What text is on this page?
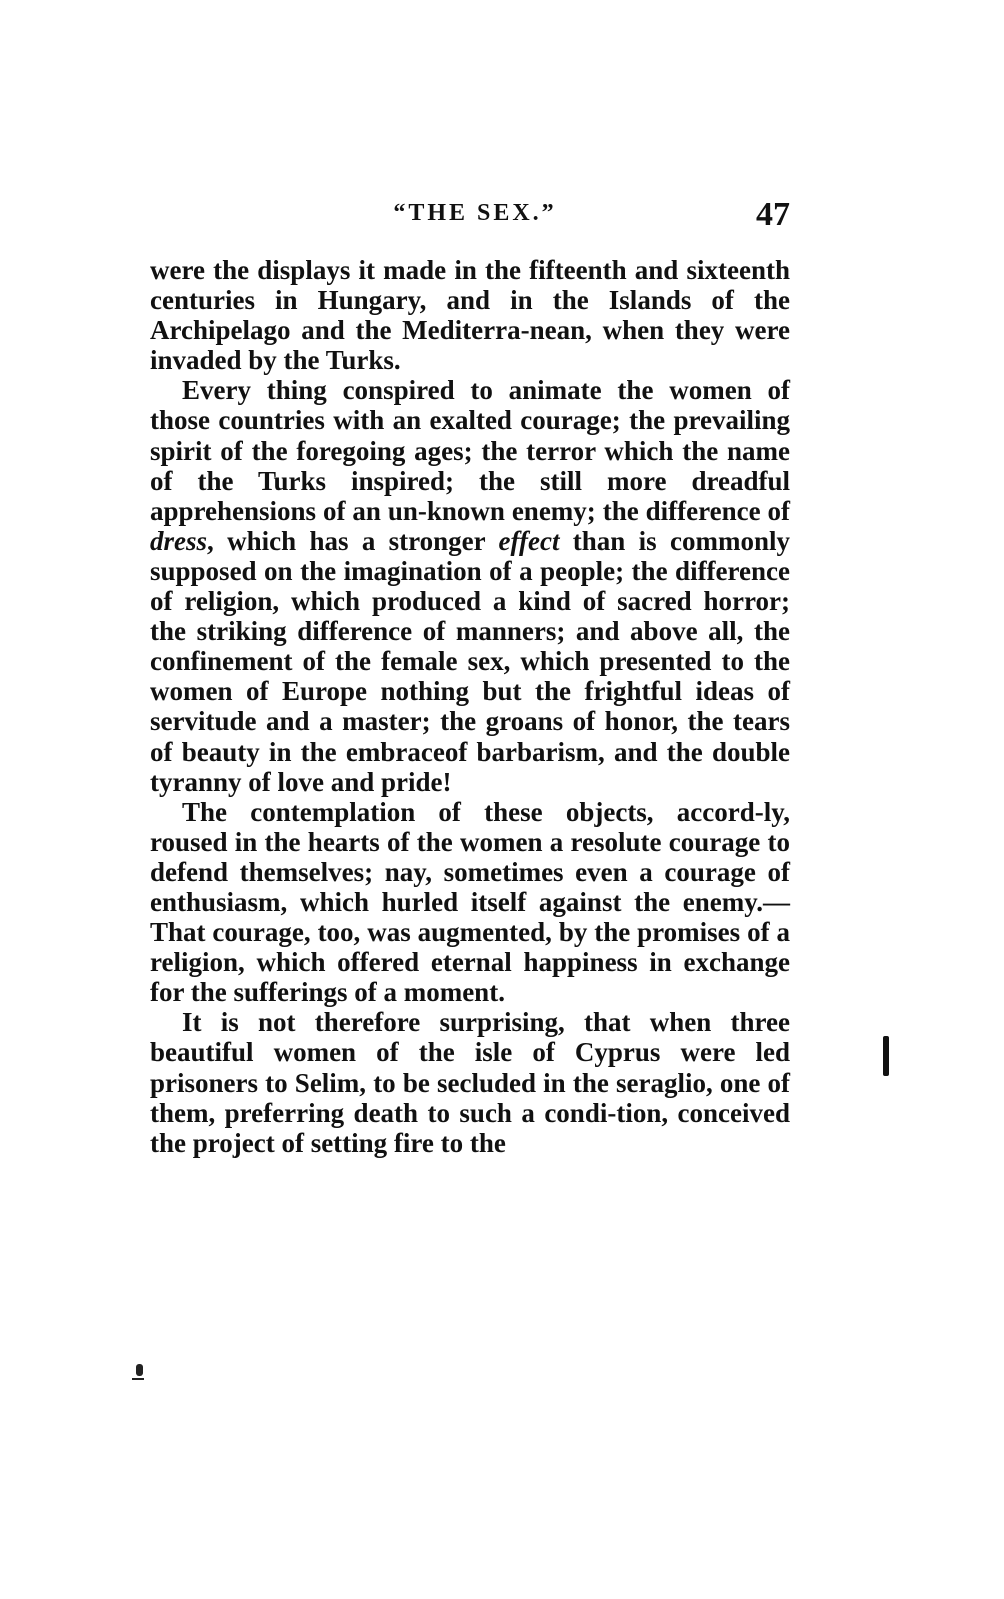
“THE SEX.”	47

were the displays it made in the fifteenth and sixteenth centuries in Hungary, and in the Islands of the Archipelago and the Mediterra-nean, when they were invaded by the Turks.

Every thing conspired to animate the women of those countries with an exalted courage; the prevailing spirit of the foregoing ages; the terror which the name of the Turks inspired; the still more dreadful apprehensions of an un-known enemy; the difference of dress, which has a stronger effect than is commonly supposed on the imagination of a people; the difference of religion, which produced a kind of sacred horror; the striking difference of manners; and above all, the confinement of the female sex, which presented to the women of Europe nothing but the frightful ideas of servitude and a master; the groans of honor, the tears of beauty in the embraceof barbarism, and the double tyranny of love and pride!

The contemplation of these objects, accord-ly, roused in the hearts of the women a resolute courage to defend themselves; nay, sometimes even a courage of enthusiasm, which hurled itself against the enemy.—That courage, too, was augmented, by the promises of a religion, which offered eternal happiness in exchange for the sufferings of a moment.

It is not therefore surprising, that when three beautiful women of the isle of Cyprus were led prisoners to Selim, to be secluded in the seraglio, one of them, preferring death to such a condi-tion, conceived the project of setting fire to the
